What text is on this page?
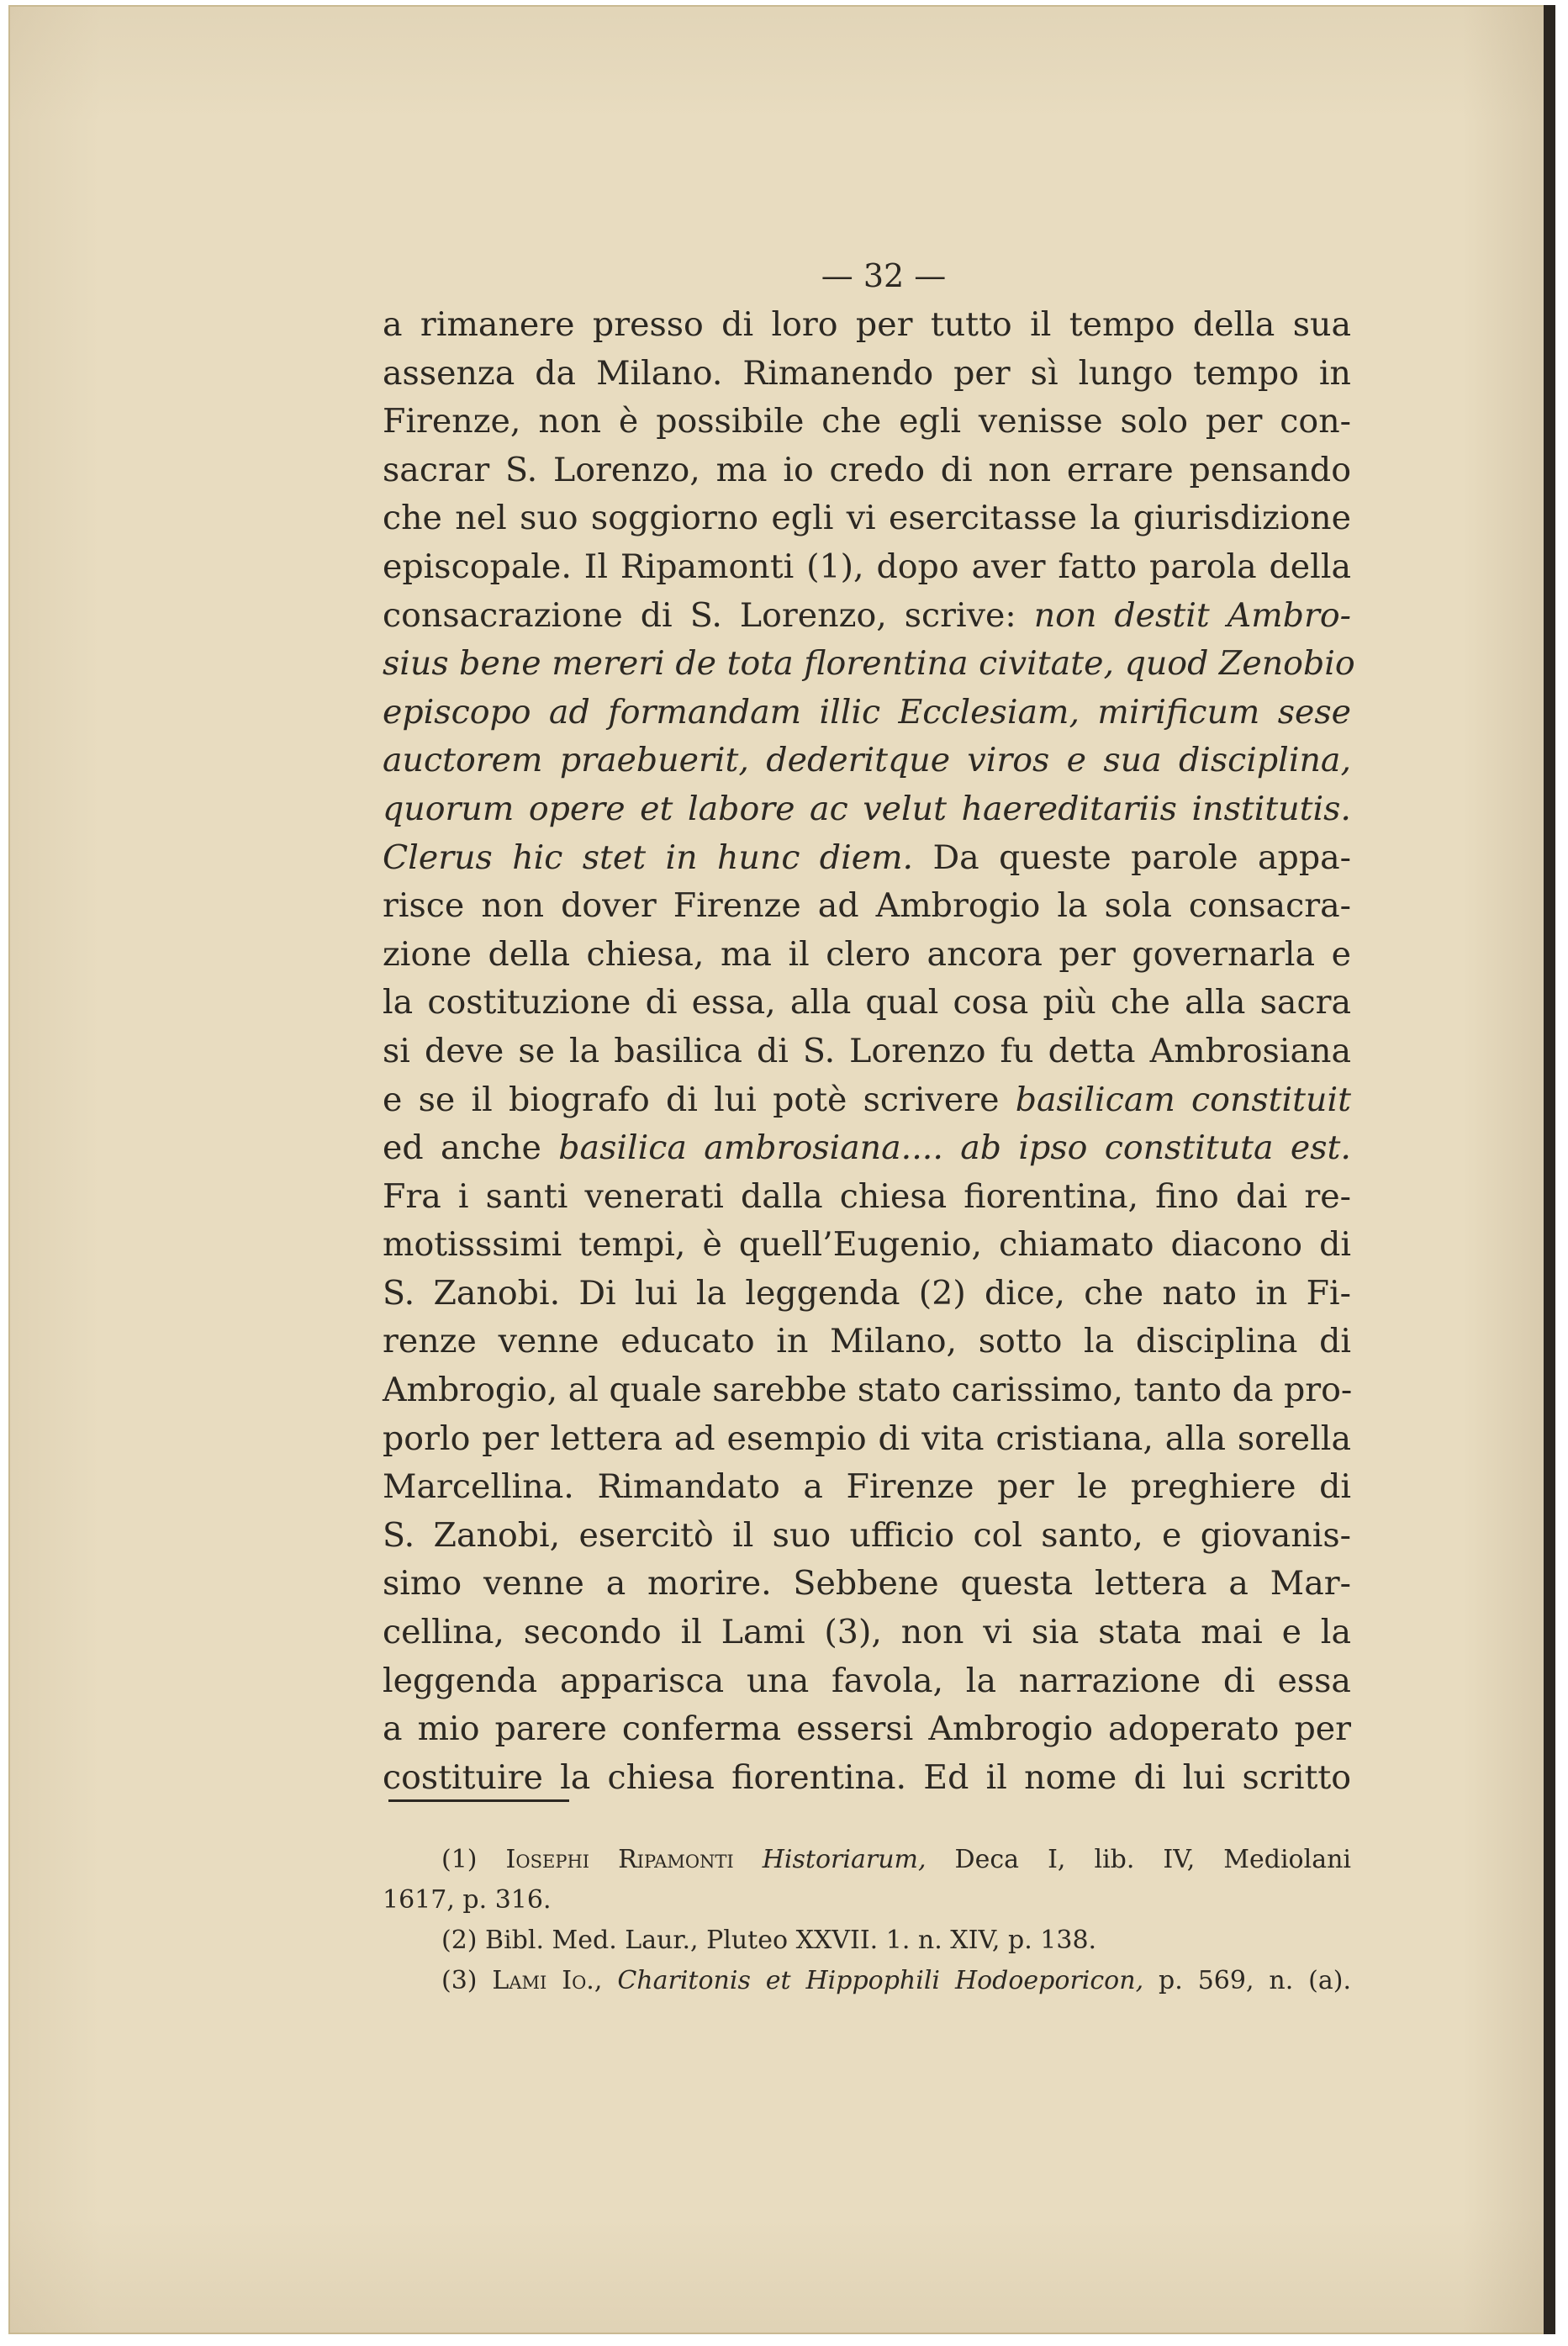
— 32 —
a rimanere presso di loro per tutto il tempo della sua
assenza da Milano. Rimanendo per sì lungo tempo in
Firenze, non è possibile che egli venisse solo per con-
sacrar S. Lorenzo, ma io credo di non errare pensando
che nel suo soggiorno egli vi esercitasse la giurisdizione
episcopale. Il Ripamonti (1), dopo aver fatto parola della
consacrazione di S. Lorenzo, scrive: non destit Ambro-
sius bene mereri de tota florentina civitate, quod Zenobio
episcopo ad formandam illic Ecclesiam, mirificum sese
auctorem praebuerit, dederitque viros e sua disciplina,
quorum opere et labore ac velut haereditariis institutis.
Clerus hic stet in hunc diem. Da queste parole appa-
risce non dover Firenze ad Ambrogio la sola consacra-
zione della chiesa, ma il clero ancora per governarla e
la costituzione di essa, alla qual cosa più che alla sacra
si deve se la basilica di S. Lorenzo fu detta Ambrosiana
e se il biografo di lui potè scrivere basilicam constituit
ed anche basilica ambrosiana.... ab ipso constituta est.
Fra i santi venerati dalla chiesa fiorentina, fino dai re-
motisssimi tempi, è quell’Eugenio, chiamato diacono di
S. Zanobi. Di lui la leggenda (2) dice, che nato in Fi-
renze venne educato in Milano, sotto la disciplina di
Ambrogio, al quale sarebbe stato carissimo, tanto da pro-
porlo per lettera ad esempio di vita cristiana, alla sorella
Marcellina. Rimandato a Firenze per le preghiere di
S. Zanobi, esercitò il suo ufficio col santo, e giovanis-
simo venne a morire. Sebbene questa lettera a Mar-
cellina, secondo il Lami (3), non vi sia stata mai e la
leggenda apparisca una favola, la narrazione di essa
a mio parere conferma essersi Ambrogio adoperato per
costituire la chiesa fiorentina. Ed il nome di lui scritto
(1) Iosephi Ripamonti Historiarum, Deca I, lib. IV, Mediolani
1617, p. 316.
(2) Bibl. Med. Laur., Pluteo XXVII. 1. n. XIV, p. 138.
(3) Lami Io., Charitonis et Hippophili Hodoeporicon, p. 569, n. (a).
